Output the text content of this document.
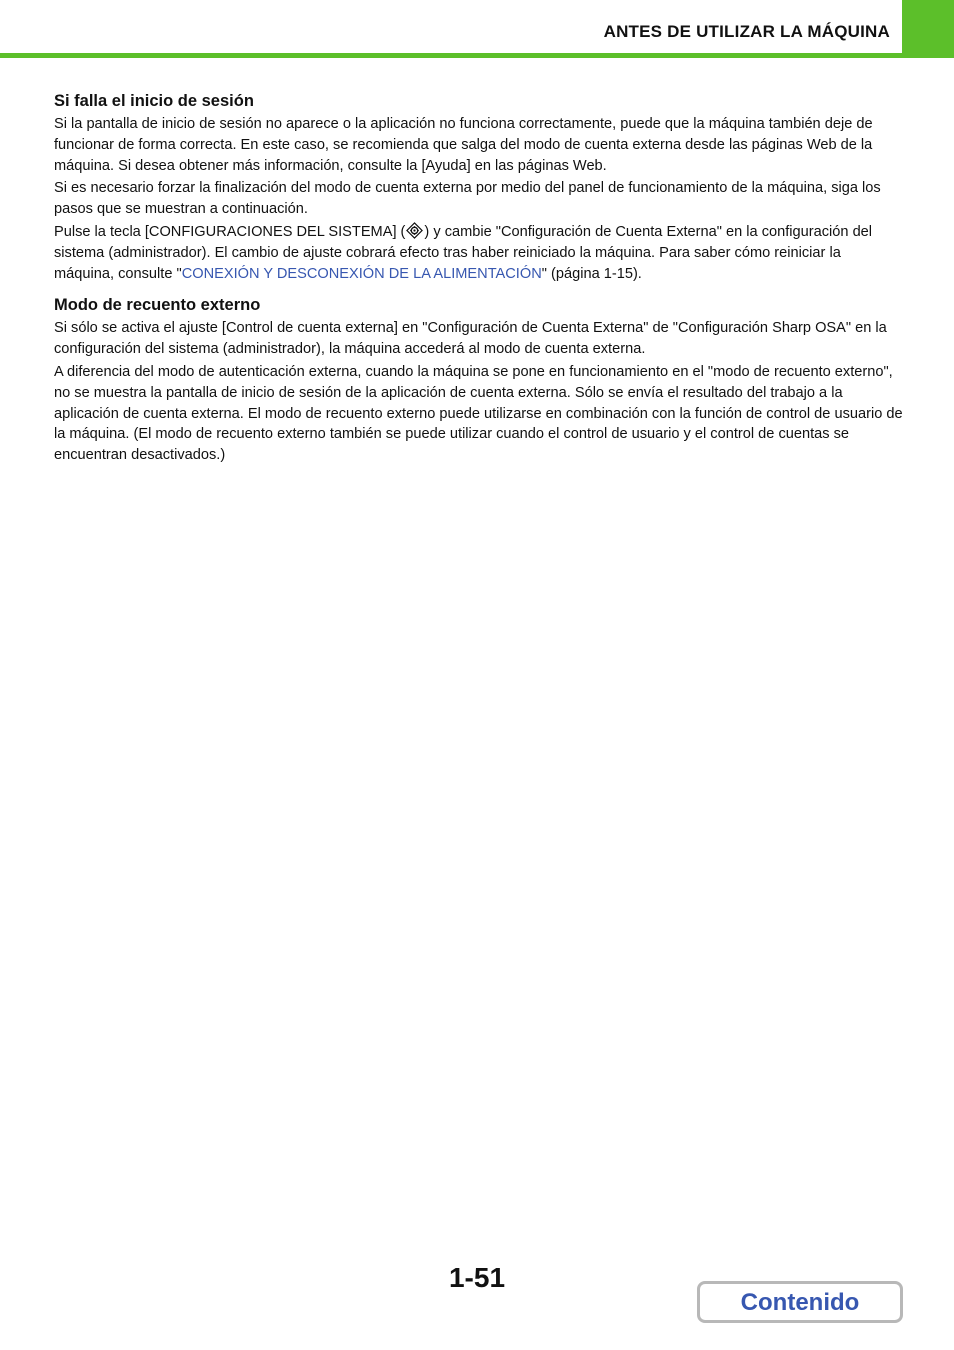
ANTES DE UTILIZAR LA MÁQUINA
Si falla el inicio de sesión

Si la pantalla de inicio de sesión no aparece o la aplicación no funciona correctamente, puede que la máquina también deje de funcionar de forma correcta. En este caso, se recomienda que salga del modo de cuenta externa desde las páginas Web de la máquina. Si desea obtener más información, consulte la [Ayuda] en las páginas Web.

Si es necesario forzar la finalización del modo de cuenta externa por medio del panel de funcionamiento de la máquina, siga los pasos que se muestran a continuación.

Pulse la tecla [CONFIGURACIONES DEL SISTEMA] ( ) y cambie "Configuración de Cuenta Externa" en la configuración del sistema (administrador). El cambio de ajuste cobrará efecto tras haber reiniciado la máquina. Para saber cómo reiniciar la máquina, consulte "CONEXIÓN Y DESCONEXIÓN DE LA ALIMENTACIÓN" (página 1-15).

Modo de recuento externo

Si sólo se activa el ajuste [Control de cuenta externa] en "Configuración de Cuenta Externa" de "Configuración Sharp OSA" en la configuración del sistema (administrador), la máquina accederá al modo de cuenta externa.

A diferencia del modo de autenticación externa, cuando la máquina se pone en funcionamiento en el "modo de recuento externo", no se muestra la pantalla de inicio de sesión de la aplicación de cuenta externa. Sólo se envía el resultado del trabajo a la aplicación de cuenta externa. El modo de recuento externo puede utilizarse en combinación con la función de control de usuario de la máquina. (El modo de recuento externo también se puede utilizar cuando el control de usuario y el control de cuentas se encuentran desactivados.)

1-51
Contenido
